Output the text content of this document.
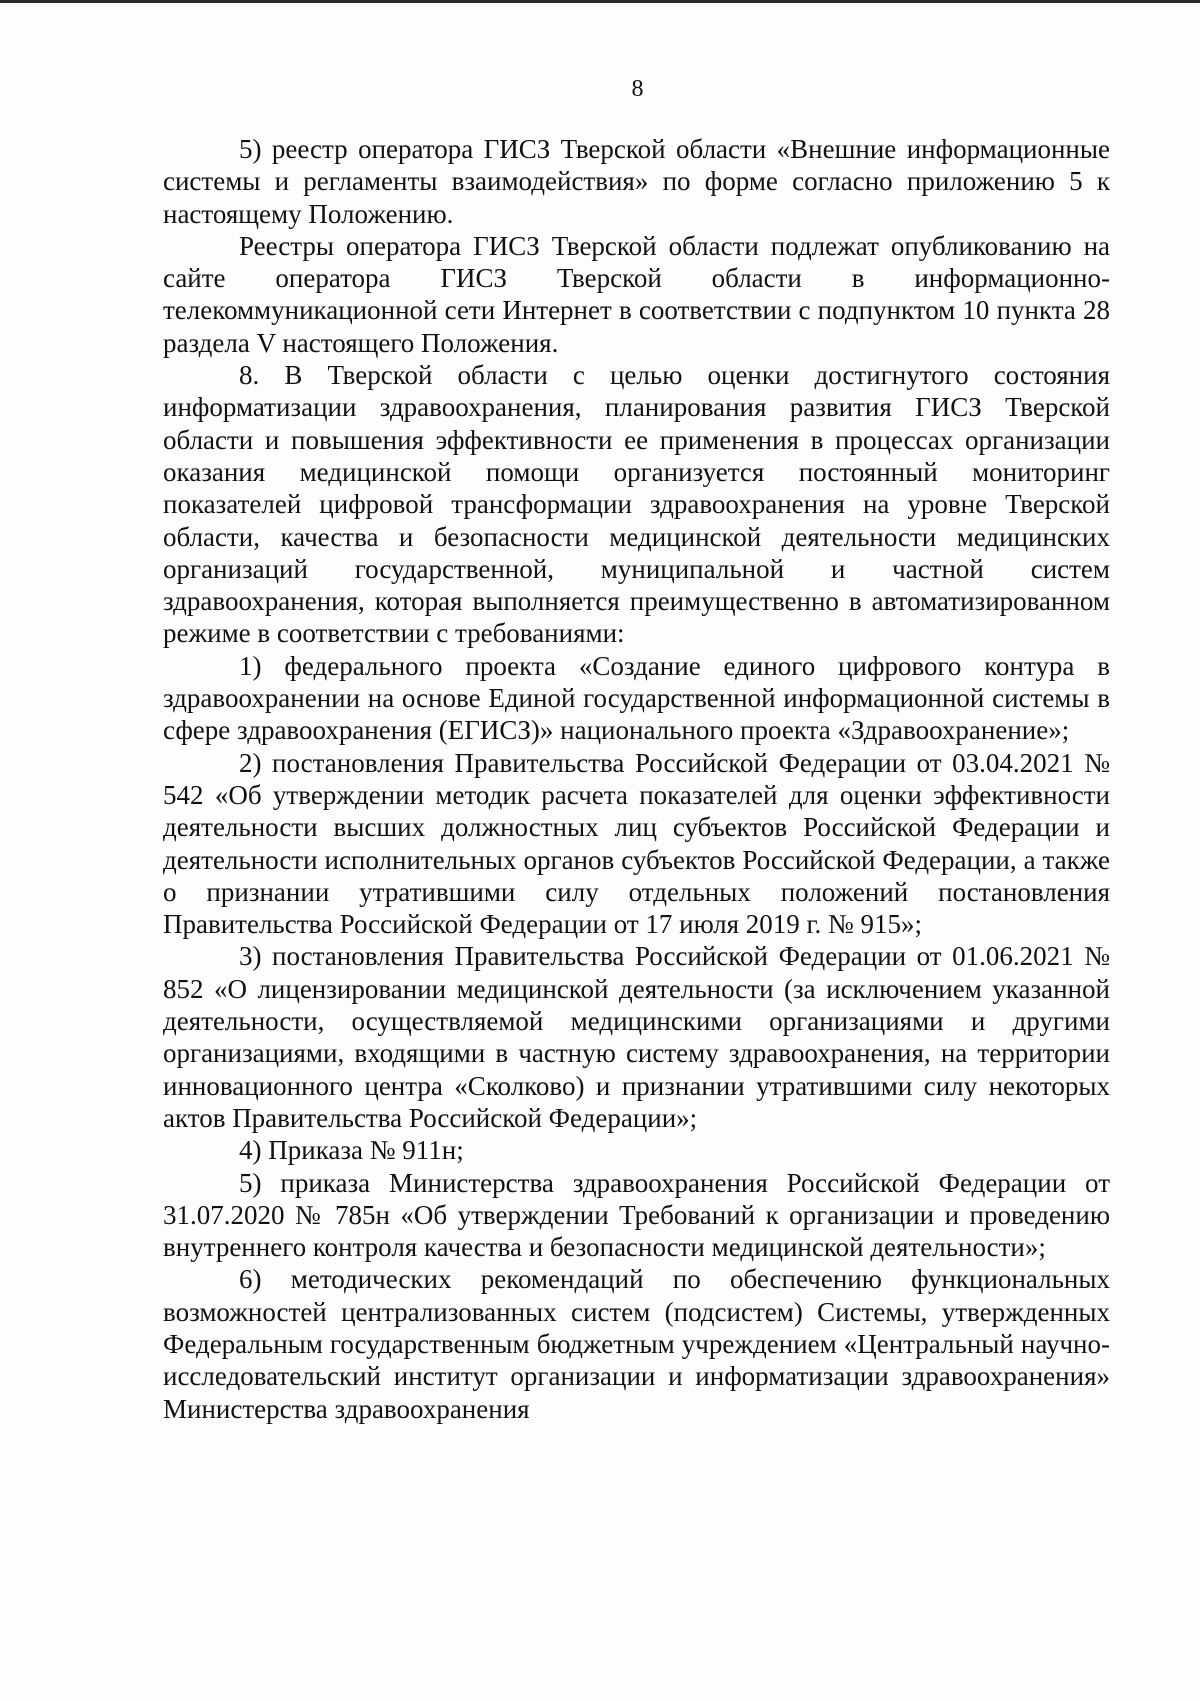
8

5) реестр оператора ГИСЗ Тверской области «Внешние информационные системы и регламенты взаимодействия» по форме согласно приложению 5 к настоящему Положению.

Реестры оператора ГИСЗ Тверской области подлежат опубликованию на сайте оператора ГИСЗ Тверской области в информационно-телекоммуникационной сети Интернет в соответствии с подпунктом 10 пункта 28 раздела V настоящего Положения.

8. В Тверской области с целью оценки достигнутого состояния информатизации здравоохранения, планирования развития ГИСЗ Тверской области и повышения эффективности ее применения в процессах организации оказания медицинской помощи организуется постоянный мониторинг показателей цифровой трансформации здравоохранения на уровне Тверской области, качества и безопасности медицинской деятельности медицинских организаций государственной, муниципальной и частной систем здравоохранения, которая выполняется преимущественно в автоматизированном режиме в соответствии с требованиями:

1) федерального проекта «Создание единого цифрового контура в здравоохранении на основе Единой государственной информационной системы в сфере здравоохранения (ЕГИСЗ)» национального проекта «Здравоохранение»;

2) постановления Правительства Российской Федерации от 03.04.2021 № 542 «Об утверждении методик расчета показателей для оценки эффективности деятельности высших должностных лиц субъектов Российской Федерации и деятельности исполнительных органов субъектов Российской Федерации, а также о признании утратившими силу отдельных положений постановления Правительства Российской Федерации от 17 июля 2019 г. № 915»;

3) постановления Правительства Российской Федерации от 01.06.2021 № 852 «О лицензировании медицинской деятельности (за исключением указанной деятельности, осуществляемой медицинскими организациями и другими организациями, входящими в частную систему здравоохранения, на территории инновационного центра «Сколково) и признании утратившими силу некоторых актов Правительства Российской Федерации»;

4) Приказа № 911н;

5) приказа Министерства здравоохранения Российской Федерации от 31.07.2020 № 785н «Об утверждении Требований к организации и проведению внутреннего контроля качества и безопасности медицинской деятельности»;

6) методических рекомендаций по обеспечению функциональных возможностей централизованных систем (подсистем) Системы, утвержденных Федеральным государственным бюджетным учреждением «Центральный научно-исследовательский институт организации и информатизации здравоохранения» Министерства здравоохранения
